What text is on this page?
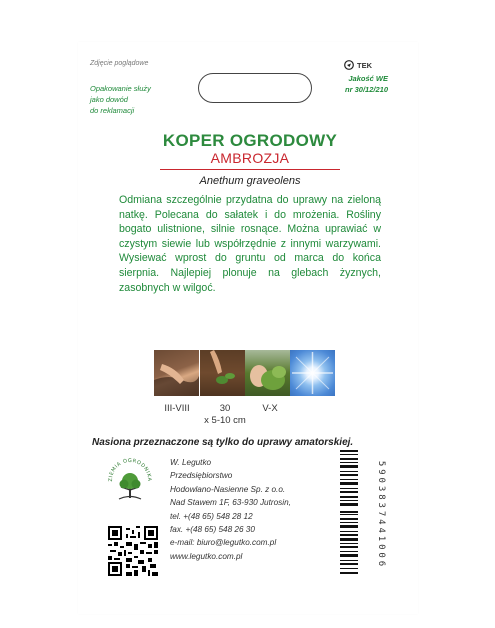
Zdjęcie poglądowe
Opakowanie służy
jako dowód
do reklamacji
TEK
Jakość WE
nr 30/12/210
KOPER OGRODOWY
AMBROZJA
Anethum graveolens
Odmiana szczególnie przydatna do uprawy na zieloną natkę. Polecana do sałatek i do mrożenia. Rośliny bogato ulistnione, silnie rosnące. Można uprawiać w czystym siewie lub współrzędnie z innymi warzywami. Wysiewać wprost do gruntu od marca do końca sierpnia. Najlepiej plonuje na glebach żyznych, zasobnych w wilgoć.
III-VIII	30
x 5-10 cm
V-X
Nasiona przeznaczone są tylko do uprawy amatorskiej.
ZIEMIA OGRODNIKA
W. Legutko
Przedsiębiorstwo
Hodowlano-Nasienne Sp. z o.o.
Nad Stawem 1F, 63-930 Jutrosin,
tel. +(48 65) 548 28 12
fax. +(48 65) 548 26 30
e-mail: biuro@legutko.com.pl
www.legutko.com.pl	5903837441006
